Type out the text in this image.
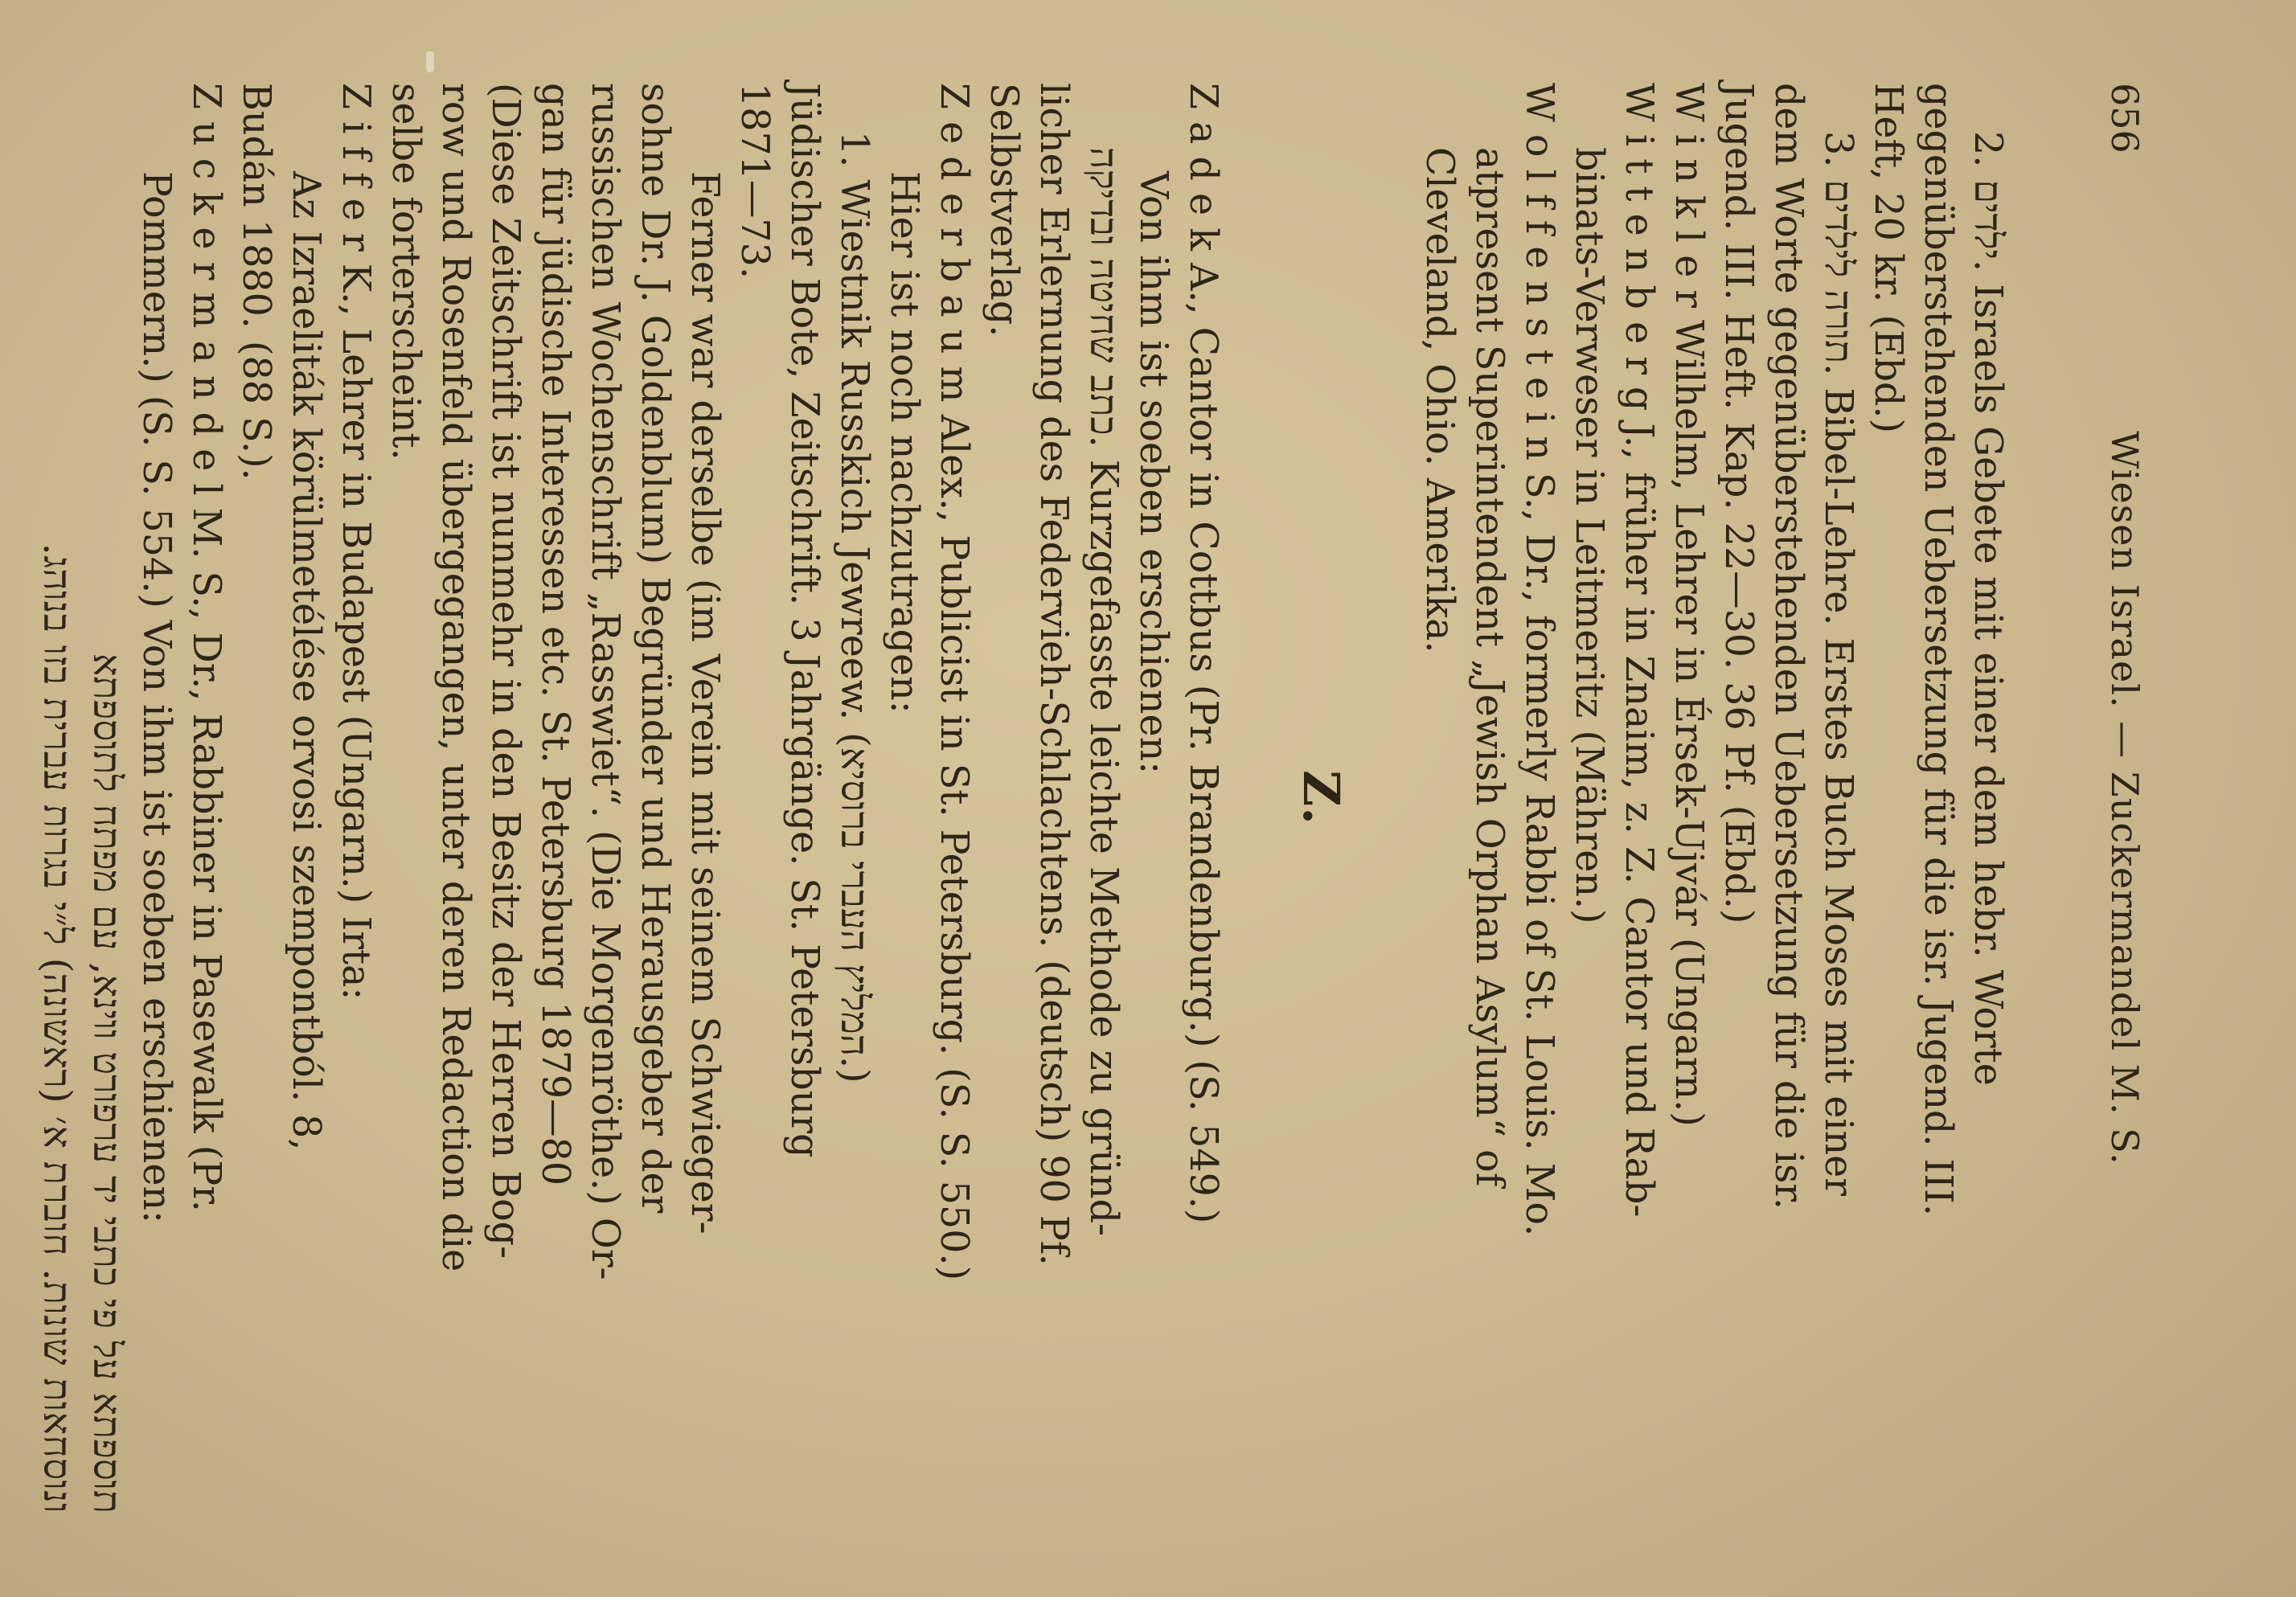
656
Wiesen Israel. — Zuckermandel M. S.
2. ילדים. Israels Gebete mit einer dem hebr. Worte
gegenüberstehenden Uebersetzung für die isr. Jugend. III.
Heft, 20 kr. (Ebd.)
3. תורה לילדים. Bibel-Lehre. Erstes Buch Moses mit einer
dem Worte gegenüberstehenden Uebersetzung für die isr.
Jugend. III. Heft. Kap. 22—30. 36 Pf. (Ebd.)
W i n k l e r Wilhelm, Lehrer in Érsek-Ujvár (Ungarn.)
W i t t e n b e r g J., früher in Znaim, z. Z. Cantor und Rab-
binats-Verweser in Leitmeritz (Mähren.)
W o l f f e n s t e i n S., Dr., formerly Rabbi of St. Louis. Mo.
atpresent Superintendent „Jewish Orphan Asylum“ of
Cleveland, Ohio. Amerika.
Z.
Z a d e k A., Cantor in Cottbus (Pr. Brandenburg.) (S. 549.)
Von ihm ist soeben erschienen:
כתב שחיטה ובדיקה. Kurzgefasste leichte Methode zu gründ-
licher Erlernung des Federvieh-Schlachtens. (deutsch) 90 Pf.
Selbstverlag.
Z e d e r b a u m Alex., Publicist in St. Petersburg. (S. S. 550.)
Hier ist noch nachzutragen:
1. Wiestnik Russkich Jewreew. (המליץ העברי ברוסיא.)
Jüdischer Bote, Zeitschrift. 3 Jahrgänge. St. Petersburg
1871—73.
Ferner war derselbe (im Verein mit seinem Schwieger-
sohne Dr. J. Goldenblum) Begründer und Herausgeber der
russischen Wochenschrift „Rasswiet“. (Die Morgenröthe.) Or-
gan für jüdische Interessen etc. St. Petersburg 1879—80
(Diese Zeitschrift ist nunmehr in den Besitz der Herren Bog-
row und Rosenfeld übergegangen, unter deren Redaction die
selbe forterscheint.
Z i f f e r K., Lehrer in Budapest (Ungarn.) Irta:
Az Izraeliták körülmetélése orvosi szempontból. 8,
Budán 1880. (88 S.).
Z u c k e r m a n d e l M. S., Dr., Rabbiner in Pasewalk (Pr.
Pommern.) (S. S. 554.) Von ihm ist soeben erschienen:
תוספתא על פי כתבי יד ערפורט ווינא, עם מפתח לתוספתא
ונוסחאות שונות. חוברת א׳ (ראשונה) ל״י בגרות עברית בזו בנוהג.
